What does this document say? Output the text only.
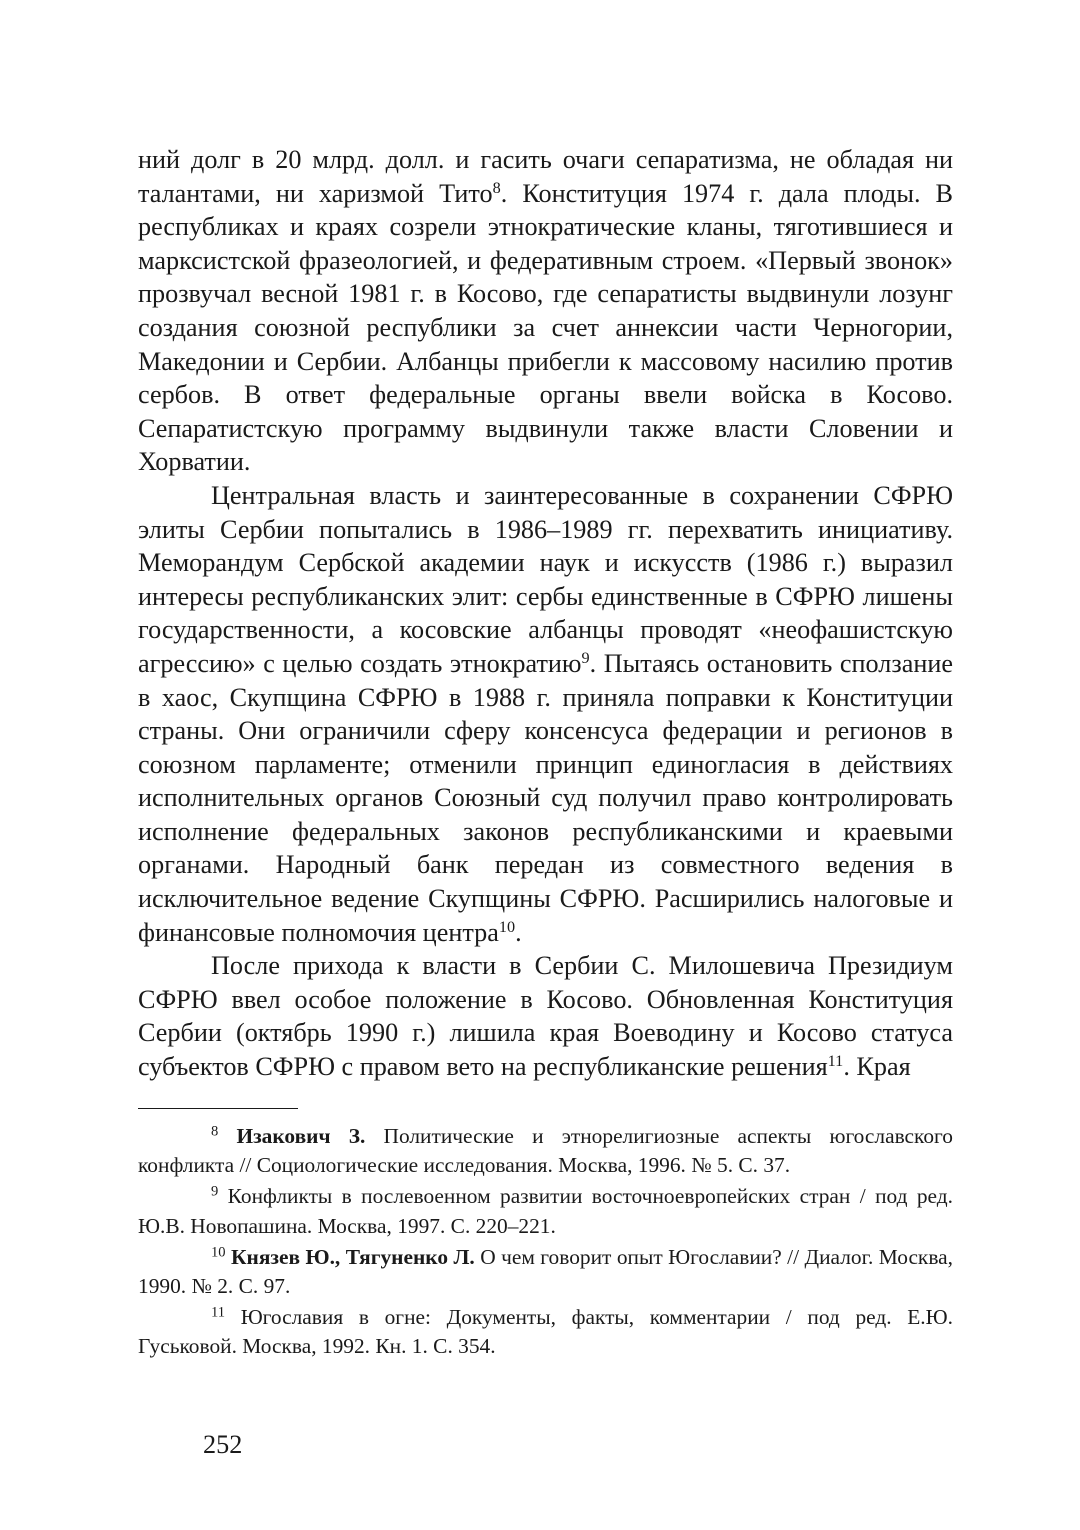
ний долг в 20 млрд. долл. и гасить очаги сепаратизма, не обладая ни талантами, ни харизмой Тито$^8$. Конституция 1974 г. дала плоды. В республиках и краях созрели этнократические кланы, тяготившиеся и марксистской фразеологией, и федеративным строем. «Первый звонок» прозвучал весной 1981 г. в Косово, где сепаратисты выдвинули лозунг создания союзной республики за счет аннексии части Черногории, Македонии и Сербии. Албанцы прибегли к массовому насилию против сербов. В ответ федеральные органы ввели войска в Косово. Сепаратистскую программу выдвинули также власти Словении и Хорватии.

Центральная власть и заинтересованные в сохранении СФРЮ элиты Сербии попытались в 1986–1989 гг. перехватить инициативу. Меморандум Сербской академии наук и искусств (1986 г.) выразил интересы республиканских элит: сербы единственные в СФРЮ лишены государственности, а косовские албанцы проводят «неофашистскую агрессию» с целью создать этнократию$^9$. Пытаясь остановить сползание в хаос, Скупщина СФРЮ в 1988 г. приняла поправки к Конституции страны. Они ограничили сферу консенсуса федерации и регионов в союзном парламенте; отменили принцип единогласия в действиях исполнительных органов Союзный суд получил право контролировать исполнение федеральных законов республиканскими и краевыми органами. Народный банк передан из совместного ведения в исключительное ведение Скупщины СФРЮ. Расширились налоговые и финансовые полномочия центра$^{10}$.

После прихода к власти в Сербии С. Милошевича Президиум СФРЮ ввел особое положение в Косово. Обновленная Конституция Сербии (октябрь 1990 г.) лишила края Воеводину и Косово статуса субъектов СФРЮ с правом вето на республиканские решения$^{11}$. Края

$^8$ Изакович З. Политические и этнорелигиозные аспекты югославского конфликта // Социологические исследования. Москва, 1996. № 5. С. 37.

$^9$ Конфликты в послевоенном развитии восточноевропейских стран / под ред. Ю.В. Новопашина. Москва, 1997. С. 220–221.

$^{10}$ Князев Ю., Тягуненко Л. О чем говорит опыт Югославии? // Диалог. Москва, 1990. № 2. С. 97.

$^{11}$ Югославия в огне: Документы, факты, комментарии / под ред. Е.Ю. Гуськовой. Москва, 1992. Кн. 1. С. 354.

252
